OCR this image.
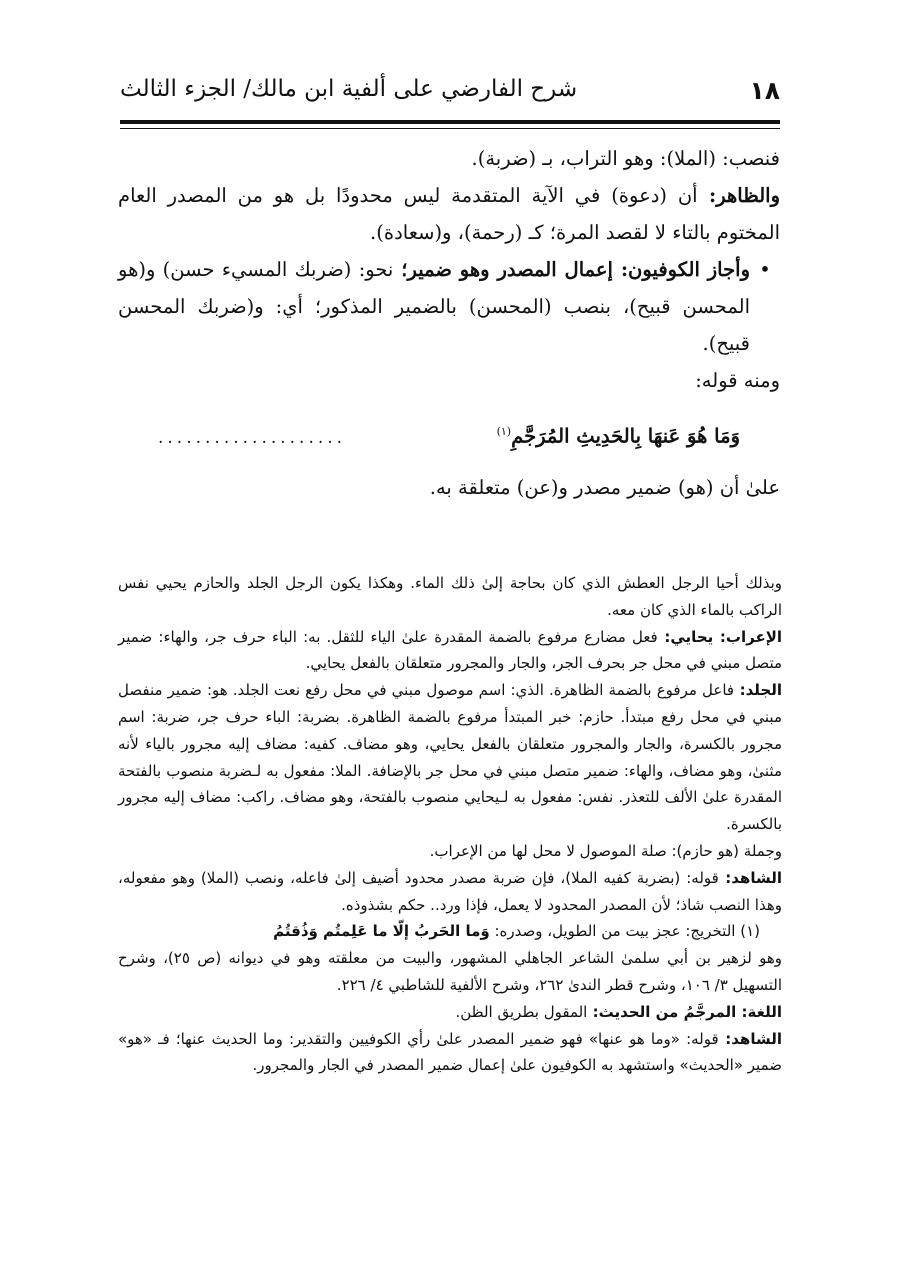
١٨
شرح الفارضي على ألفية ابن مالك/ الجزء الثالث

فنصب: (الملا): وهو التراب، بـ (ضربة).

والظاهر: أن (دعوة) في الآية المتقدمة ليس محدودًا بل هو من المصدر العام المختوم بالتاء لا لقصد المرة؛ كـ (رحمة)، و(سعادة).

•
وأجاز الكوفيون: إعمال المصدر وهو ضمير؛ نحو: (ضربك المسيء حسن) و(هو المحسن قبيح)، بنصب (المحسن) بالضمير المذكور؛ أي: و(ضربك المحسن قبيح).

ومنه قوله:

وَمَا هُوَ عَنهَا بِالحَدِيثِ المُرَجَّمِ$^{(١)}$
....................

علىٰ أن (هو) ضمير مصدر و(عن) متعلقة به.

وبذلك أحيا الرجل العطش الذي كان بحاجة إلىٰ ذلك الماء. وهكذا يكون الرجل الجلد والحازم يحيي نفس الراكب بالماء الذي كان معه.

الإعراب: يحايي: فعل مضارع مرفوع بالضمة المقدرة علىٰ الياء للثقل. به: الباء حرف جر، والهاء: ضمير متصل مبني في محل جر بحرف الجر، والجار والمجرور متعلقان بالفعل يحايي.

الجلد: فاعل مرفوع بالضمة الظاهرة. الذي: اسم موصول مبني في محل رفع نعت الجلد. هو: ضمير منفصل مبني في محل رفع مبتدأ. حازم: خبر المبتدأ مرفوع بالضمة الظاهرة. بضربة: الباء حرف جر، ضربة: اسم مجرور بالكسرة، والجار والمجرور متعلقان بالفعل يحايي، وهو مضاف. كفيه: مضاف إليه مجرور بالياء لأنه مثنىٰ، وهو مضاف، والهاء: ضمير متصل مبني في محل جر بالإضافة. الملا: مفعول به لـضربة منصوب بالفتحة المقدرة علىٰ الألف للتعذر. نفس: مفعول به لـيحايي منصوب بالفتحة، وهو مضاف. راكب: مضاف إليه مجرور بالكسرة.

وجملة (هو حازم): صلة الموصول لا محل لها من الإعراب.

الشاهد: قوله: (بضربة كفيه الملا)، فإن ضربة مصدر محدود أضيف إلىٰ فاعله، ونصب (الملا) وهو مفعوله، وهذا النصب شاذ؛ لأن المصدر المحدود لا يعمل، فإذا ورد.. حكم بشذوذه.

(١) التخريج: عجز بيت من الطويل، وصدره: وَما الحَربُ إلّا ما عَلِمتُم وَذُقتُمُ

وهو لزهير بن أبي سلمىٰ الشاعر الجاهلي المشهور، والبيت من معلقته وهو في ديوانه (ص ٢٥)، وشرح التسهيل ٣/ ١٠٦، وشرح قطر الندىٰ ٢٦٢، وشرح الألفية للشاطبي ٤/ ٢٢٦.

اللغة: المرجَّمُ من الحديث: المقول بطريق الظن.

الشاهد: قوله: «وما هو عنها» فهو ضمير المصدر علىٰ رأي الكوفيين والتقدير: وما الحديث عنها؛ فـ «هو» ضمير «الحديث» واستشهد به الكوفيون علىٰ إعمال ضمير المصدر في الجار والمجرور.
